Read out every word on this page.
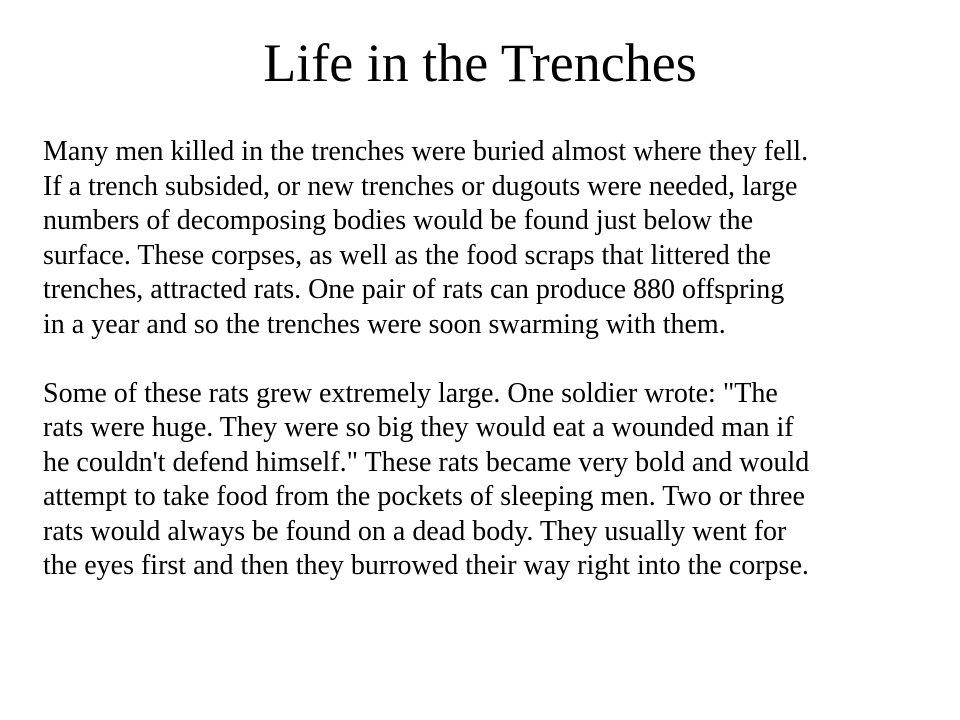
Life in the Trenches
Many men killed in the trenches were buried almost where they fell.
If a trench subsided, or new trenches or dugouts were needed, large
numbers of decomposing bodies would be found just below the
surface. These corpses, as well as the food scraps that littered the
trenches, attracted rats. One pair of rats can produce 880 offspring
in a year and so the trenches were soon swarming with them.
Some of these rats grew extremely large. One soldier wrote: "The
rats were huge. They were so big they would eat a wounded man if
he couldn't defend himself." These rats became very bold and would
attempt to take food from the pockets of sleeping men. Two or three
rats would always be found on a dead body. They usually went for
the eyes first and then they burrowed their way right into the corpse.
